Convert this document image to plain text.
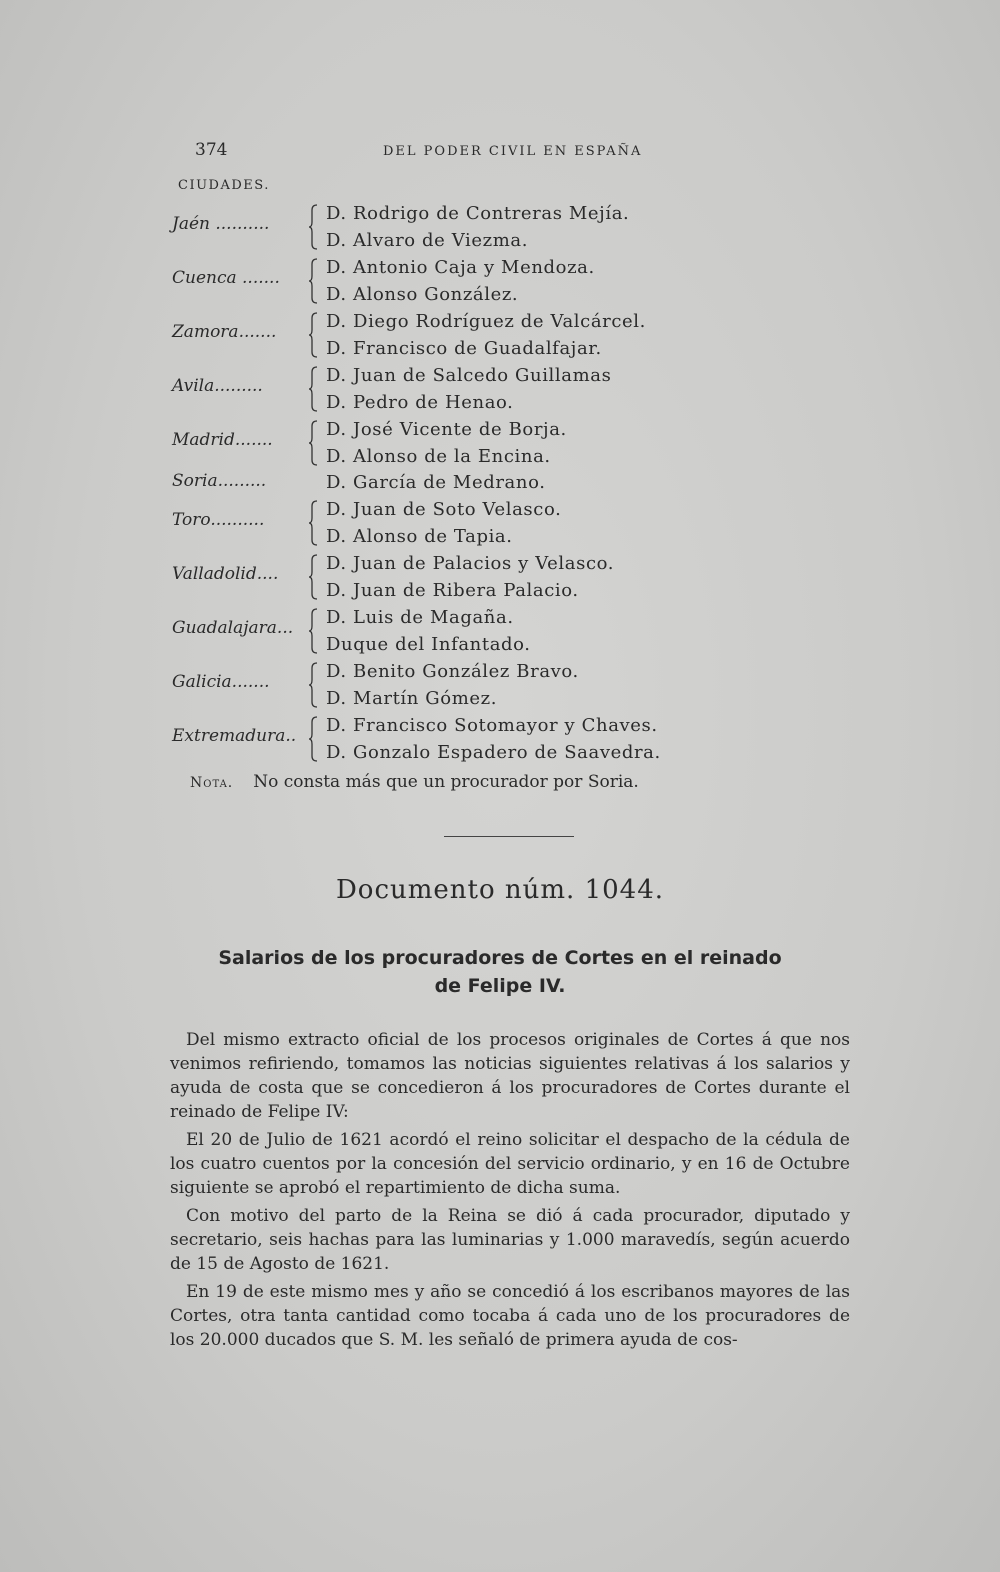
374	DEL PODER CIVIL EN ESPAÑA
CIUDADES.
Jaén ..........	D. Rodrigo de Contreras Mejía.
D. Alvaro de Viezma.
Cuenca .......	D. Antonio Caja y Mendoza.
D. Alonso González.
Zamora.......	D. Diego Rodríguez de Valcárcel.
D. Francisco de Guadalfajar.
Avila.........	D. Juan de Salcedo Guillamas
D. Pedro de Henao.
Madrid.......	D. José Vicente de Borja.
D. Alonso de la Encina.
Soria.........	D. García de Medrano.
Toro..........	D. Juan de Soto Velasco.
D. Alonso de Tapia.
Valladolid....	D. Juan de Palacios y Velasco.
D. Juan de Ribera Palacio.
Guadalajara... D. Luis de Magaña.
Duque del Infantado.
Galicia.......	D. Benito González Bravo.
D. Martín Gómez.
Extremadura.. D. Francisco Sotomayor y Chaves.
D. Gonzalo Espadero de Saavedra.
Nota. No consta más que un procurador por Soria.
Documento núm. 1044.
Salarios de los procuradores de Cortes en el reinado
de Felipe IV.

Del mismo extracto oficial de los procesos originales de Cortes á que nos venimos refiriendo, tomamos las noticias siguientes relativas á los salarios y ayuda de costa que se concedieron á los procuradores de Cortes durante el reinado de Felipe IV:

El 20 de Julio de 1621 acordó el reino solicitar el despacho de la cédula de los cuatro cuentos por la concesión del servicio ordinario, y en 16 de Octubre siguiente se aprobó el repartimiento de dicha suma.

Con motivo del parto de la Reina se dió á cada procurador, diputado y secretario, seis hachas para las luminarias y 1.000 maravedís, según acuerdo de 15 de Agosto de 1621.

En 19 de este mismo mes y año se concedió á los escribanos mayores de las Cortes, otra tanta cantidad como tocaba á cada uno de los procuradores de los 20.000 ducados que S. M. les señaló de primera ayuda de cos-
